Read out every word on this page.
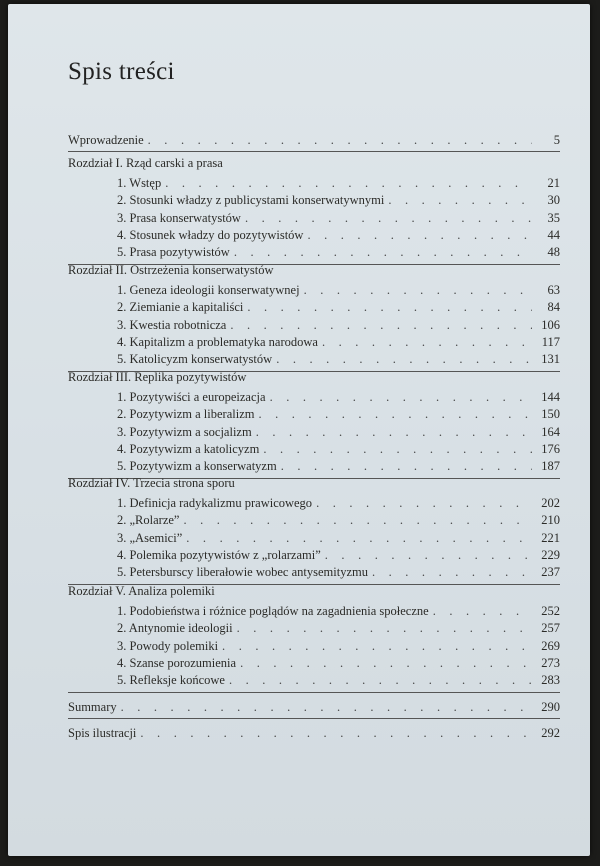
Spis treści
Wprowadzenie . . .	5
Rozdział I. Rząd carski a prasa
1. Wstęp . . .	21
2. Stosunki władzy z publicystami konserwatywnymi . . .	30
3. Prasa konserwatystów . . .	35
4. Stosunek władzy do pozytywistów . . .	44
5. Prasa pozytywistów . . .	48
Rozdział II. Ostrzeżenia konserwatystów
1. Geneza ideologii konserwatywnej . . .	63
2. Ziemianie a kapitaliści . . .	84
3. Kwestia robotnicza . . .	106
4. Kapitalizm a problematyka narodowa . . .	117
5. Katolicyzm konserwatystów . . .	131
Rozdział III. Replika pozytywistów
1. Pozytywiści a europeizacja . . .	144
2. Pozytywizm a liberalizm . . .	150
3. Pozytywizm a socjalizm . . .	164
4. Pozytywizm a katolicyzm . . .	176
5. Pozytywizm a konserwatyzm . . .	187
Rozdział IV. Trzecia strona sporu
1. Definicja radykalizmu prawicowego . . .	202
2. „Rolarze” . . .	210
3. „Asemici” . . .	221
4. Polemika pozytywistów z „rolarzami” . . .	229
5. Petersburscy liberałowie wobec antysemityzmu . . .	237
Rozdział V. Analiza polemiki
1. Podobieństwa i różnice poglądów na zagadnienia społeczne . . .	252
2. Antynomie ideologii . . .	257
3. Powody polemiki . . .	269
4. Szanse porozumienia . . .	273
5. Refleksje końcowe . . .	283
Summary . . .	290
Spis ilustracji . . .	292
